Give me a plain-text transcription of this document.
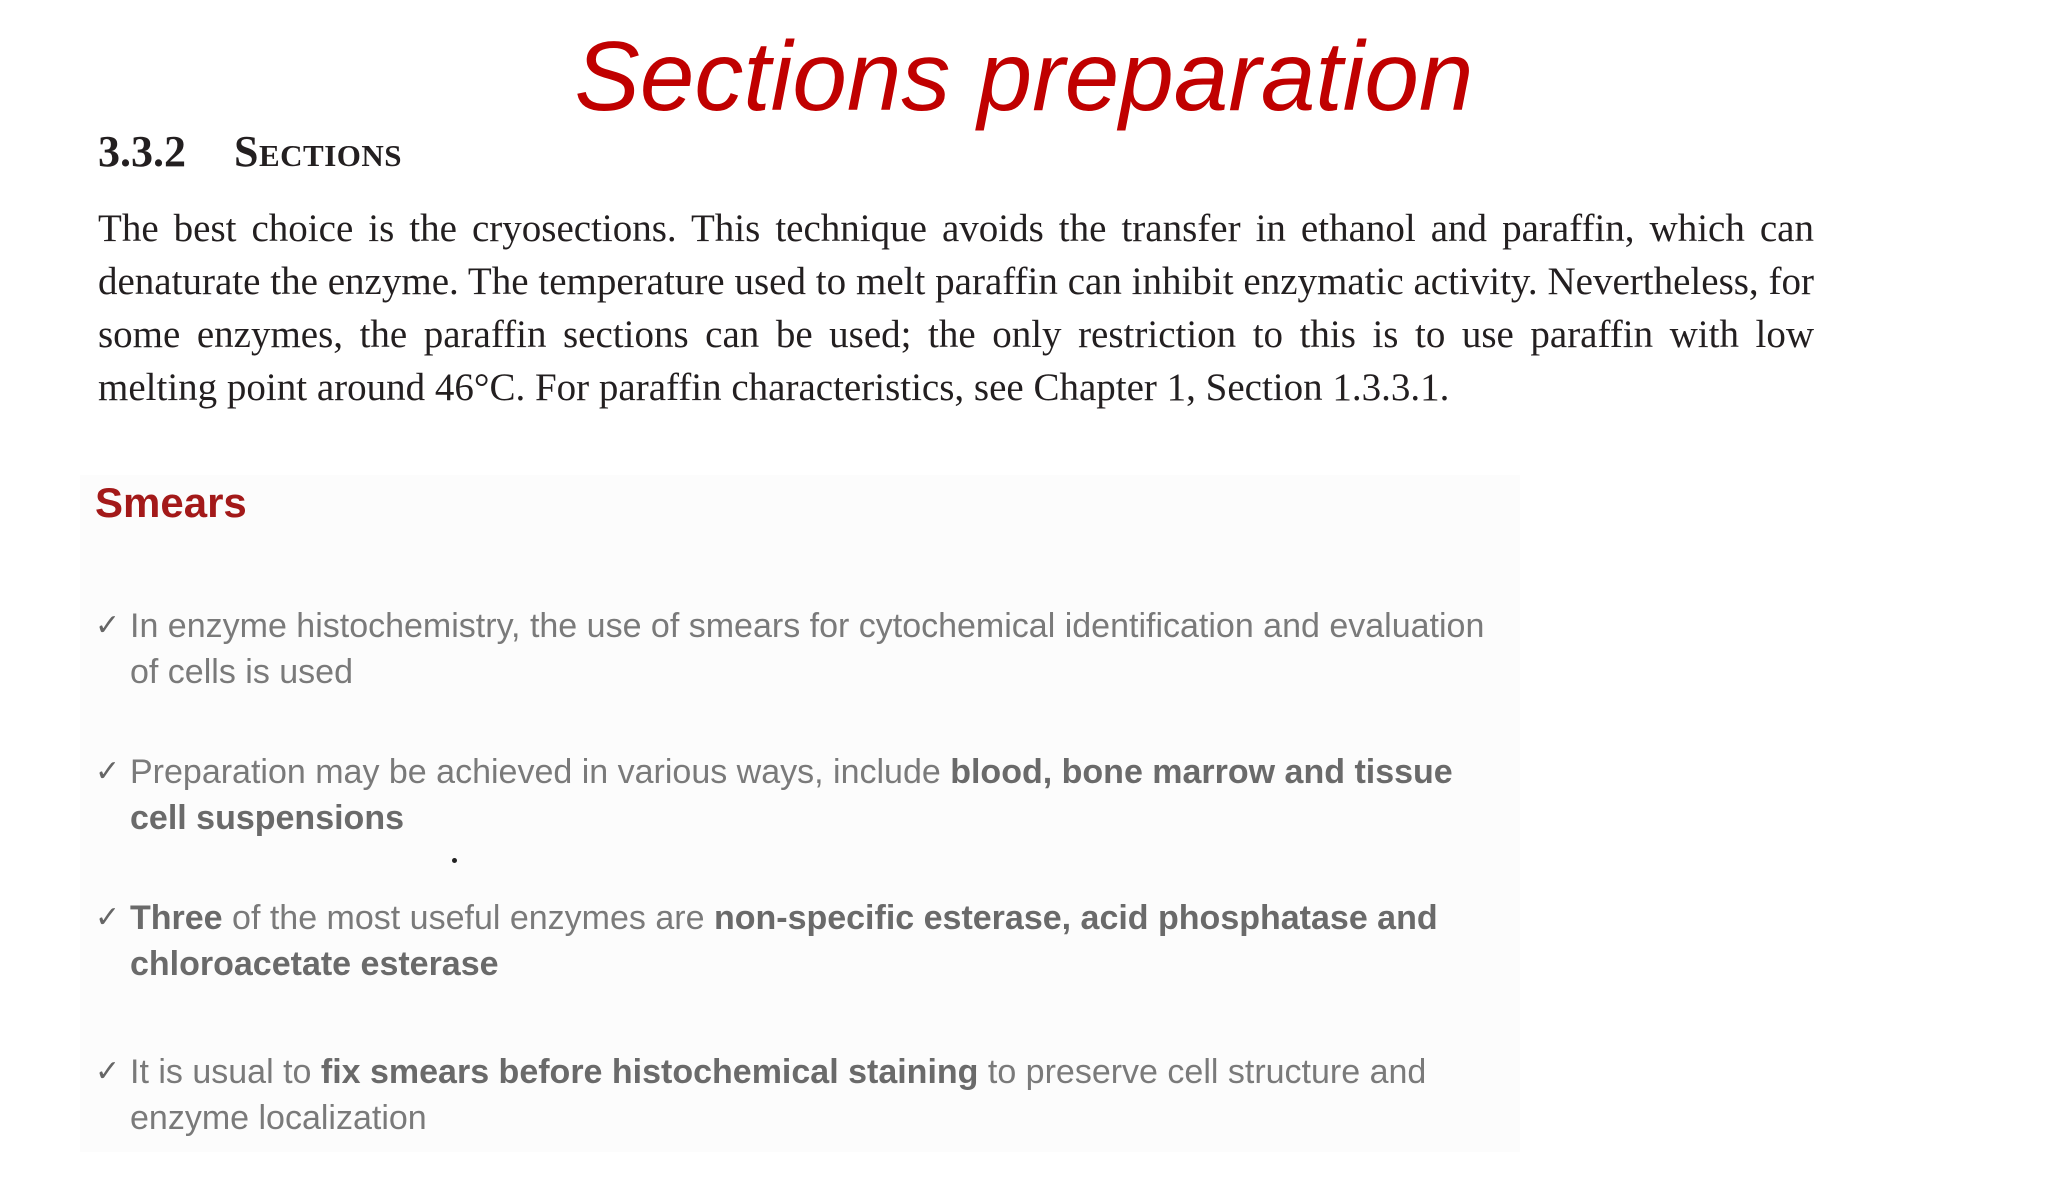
Sections preparation
3.3.2 Sections

The best choice is the cryosections. This technique avoids the transfer in ethanol and paraffin, which can denaturate the enzyme. The temperature used to melt paraffin can inhibit enzymatic activity. Nevertheless, for some enzymes, the paraffin sections can be used; the only restriction to this is to use paraffin with low melting point around 46°C. For paraffin characteristics, see Chapter 1, Section 1.3.3.1.

Smears
✓ In enzyme histochemistry, the use of smears for cytochemical identification and evaluation of cells is used
✓ Preparation may be achieved in various ways, include blood, bone marrow and tissue cell suspensions
✓ Three of the most useful enzymes are non-specific esterase, acid phosphatase and chloroacetate esterase
✓ It is usual to fix smears before histochemical staining to preserve cell structure and enzyme localization
